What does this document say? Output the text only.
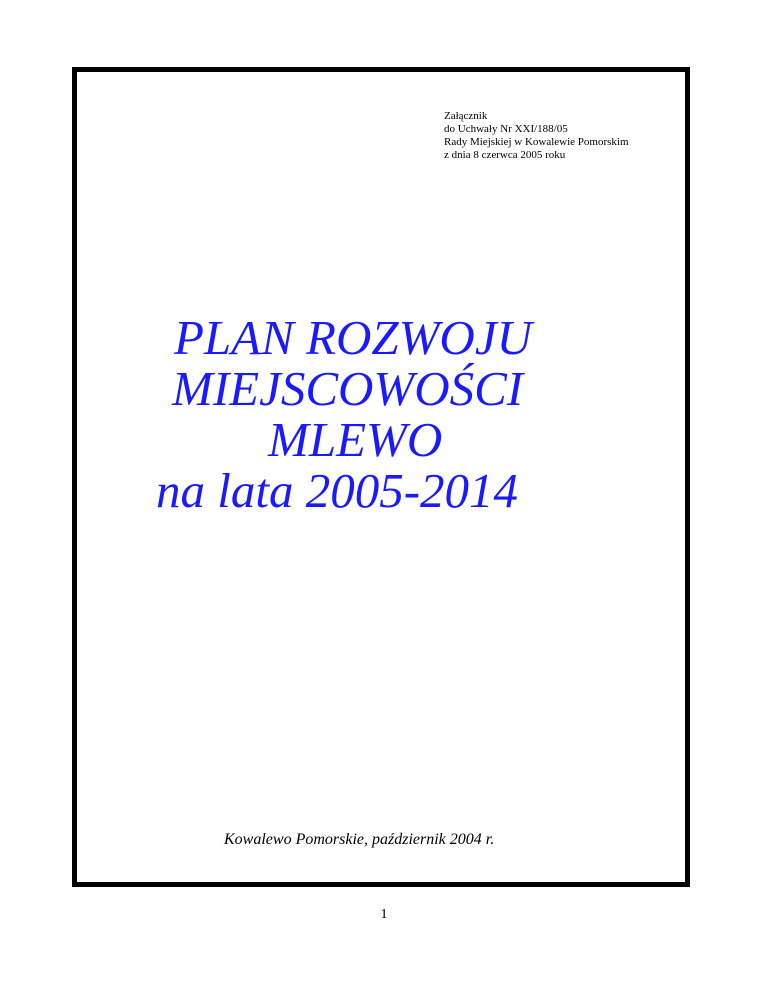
Załącznik
do Uchwały Nr XXI/188/05
Rady Miejskiej w Kowalewie Pomorskim
z dnia 8 czerwca 2005 roku
PLAN ROZWOJU
MIEJSCOWOŚCI
MLEWO
na lata 2005-2014
Kowalewo Pomorskie, październik 2004 r.
1
